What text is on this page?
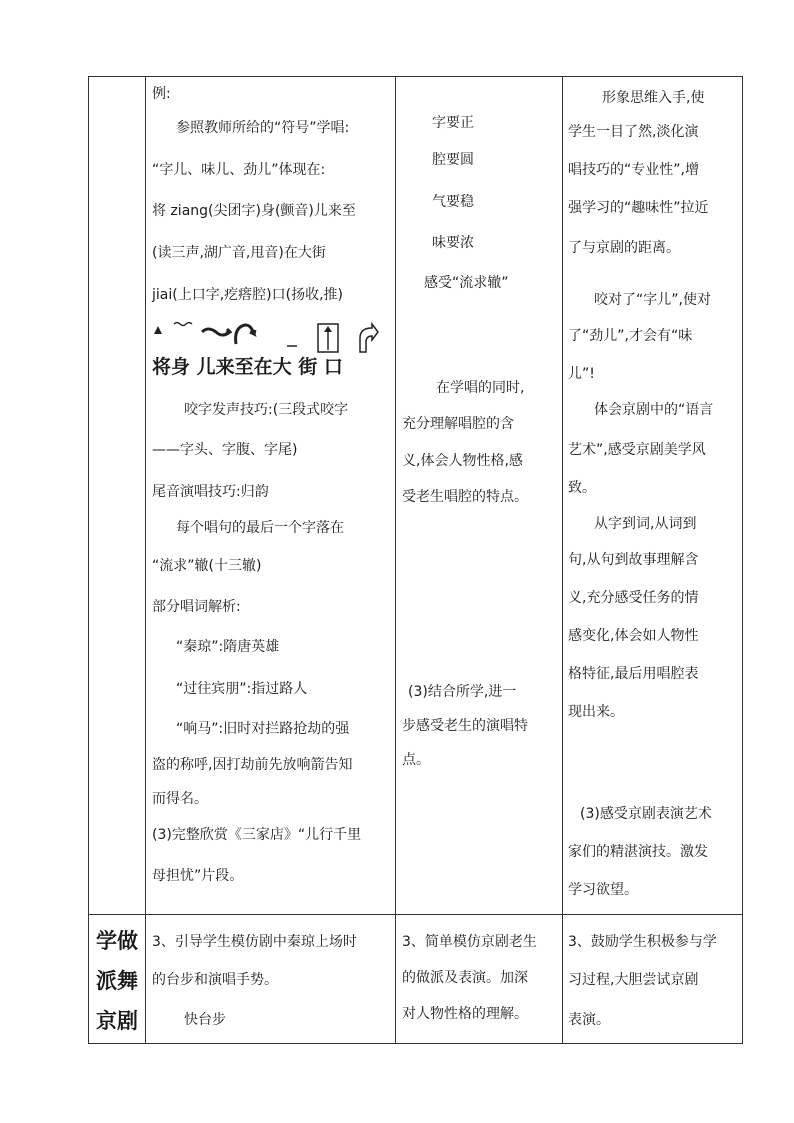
例:
参照教师所给的“符号”学唱:
“字儿、味儿、劲儿”体现在:
将 ziang(尖团字)身(颤音)儿来至
(读三声,湖广音,甩音)在大街
jiai(上口字,疙瘩腔)口(扬收,推)
将身 儿来至在大 街 口
咬字发声技巧:(三段式咬字
——字头、字腹、字尾)
尾音演唱技巧:归韵
每个唱句的最后一个字落在
“流求”辙(十三辙)
部分唱词解析:
“秦琼”:隋唐英雄
“过往宾朋”:指过路人
“响马”:旧时对拦路抢劫的强
盗的称呼,因打劫前先放响箭告知
而得名。
(3)完整欣赏《三家店》“儿行千里
母担忧”片段。
字要正
腔要圆
气要稳
味要浓
感受“流求辙”
在学唱的同时,
充分理解唱腔的含
义,体会人物性格,感
受老生唱腔的特点。
(3)结合所学,进一
步感受老生的演唱特
点。
形象思维入手,使
学生一目了然,淡化演
唱技巧的“专业性”,增
强学习的“趣味性”拉近
了与京剧的距离。
咬对了“字儿”,使对
了“劲儿”,才会有“味
儿”!
体会京剧中的“语言
艺术”,感受京剧美学风
致。
从字到词,从词到
句,从句到故事理解含
义,充分感受任务的情
感变化,体会如人物性
格特征,最后用唱腔表
现出来。
(3)感受京剧表演艺术
家们的精湛演技。激发
学习欲望。
学做
派舞
京剧
3、引导学生模仿剧中秦琼上场时
的台步和演唱手势。
快台步
3、简单模仿京剧老生
的做派及表演。加深
对人物性格的理解。
3、鼓励学生积极参与学
习过程,大胆尝试京剧
表演。
